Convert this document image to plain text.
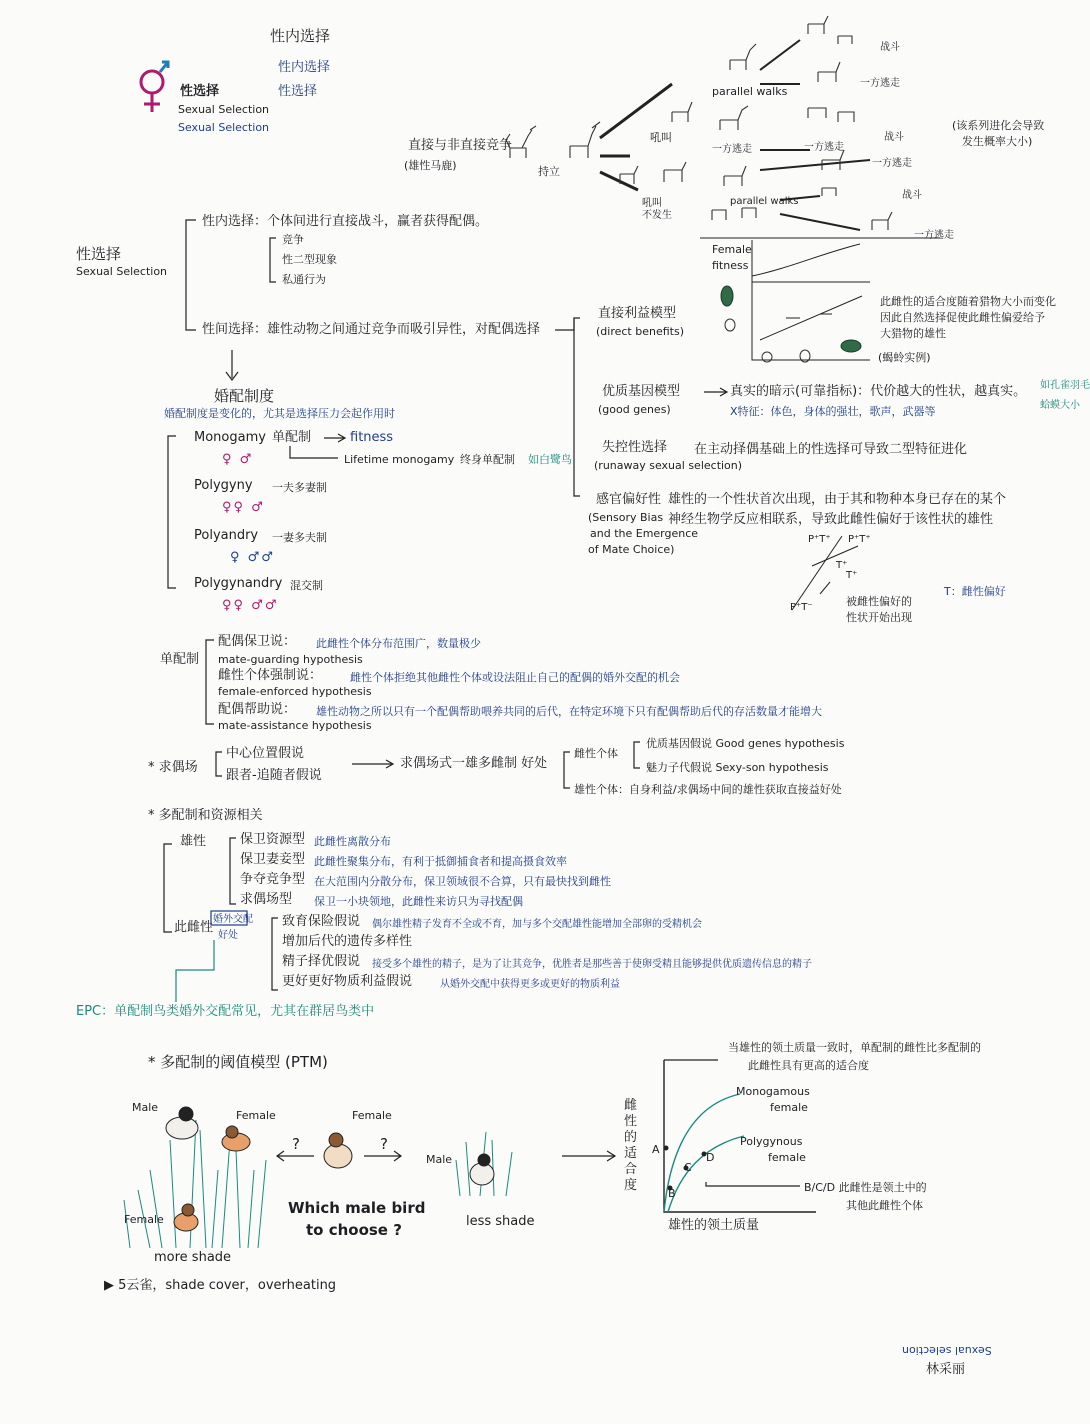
性内选择
性内选择
性选择
性选择
Sexual Selection
Sexual Selection
直接与非直接竞争
(雄性马鹿)	持立
吼叫
吼叫
不发生
parallel walks
parallel walks
战斗
战斗
战斗
一方逃走
一方逃走
一方逃走
一方逃走
一方逃走
(该系列进化会导致
发生概率大小)
性选择
Sexual Selection
性内选择：个体间进行直接战斗，赢者获得配偶。
竞争
性二型现象
私通行为
性间选择：雄性动物之间通过竞争而吸引异性，对配偶选择
婚配制度
婚配制度是变化的，尤其是选择压力会起作用时
Monogamy 单配制	fitness
♀ ♂	Lifetime monogamy 终身单配制 如白鹭鸟
Polygyny 一夫多妻制
♀♀ ♂
Polyandry 一妻多夫制
♀ ♂♂
Polygynandry 混交制
♀♀ ♂♂
直接利益模型
(direct benefits)
优质基因模型
(good genes)
真实的暗示(可靠指标)：代价越大的性状，越真实。
X特征：体色，身体的强壮，歌声，武器等
如孔雀羽毛
蛤蟆大小
失控性选择
(runaway sexual selection)
在主动择偶基础上的性选择可导致二型特征进化
感官偏好性
(Sensory Bias
and the Emergence
of Mate Choice)
雄性的一个性状首次出现，由于其和物种本身已存在的某个
神经生物学反应相联系，导致此雌性偏好于该性状的雄性
P⁺T⁺ P⁺T⁺
T⁺
T⁺
P⁺T⁻	被雌性偏好的
性状开始出现
T：雌性偏好
Female
fitness
此雌性的适合度随着猎物大小而变化
因此自然选择促使此雌性偏爱给予
大猎物的雄性
(蝎蛉实例)
单配制
配偶保卫说： 此雌性个体分布范围广，数量极少
mate-guarding hypothesis
雌性个体强制说：	雌性个体拒绝其他雌性个体或设法阻止自己的配偶的婚外交配的机会
female-enforced hypothesis
配偶帮助说： 雄性动物之所以只有一个配偶帮助喂养共同的后代，在特定环境下只有配偶帮助后代的存活数量才能增大
mate-assistance hypothesis
* 求偶场
中心位置假说
跟者-追随者假说
求偶场式一雄多雌制 好处
雌性个体
优质基因假说 Good genes hypothesis
魅力子代假说 Sexy-son hypothesis
雄性个体：自身利益/求偶场中间的雄性获取直接益好处
* 多配制和资源相关
雄性	保卫资源型 此雌性离散分布
保卫妻妾型 此雌性聚集分布，有利于抵御捕食者和提高摄食效率
争夺竞争型 在大范围内分散分布，保卫领域很不合算，只有最快找到雌性
求偶场型 保卫一小块领地，此雌性来访只为寻找配偶
此雌性
婚外交配
好处
致育保险假说 偶尔雄性精子发育不全或不育，加与多个交配雄性能增加全部卵的受精机会
增加后代的遗传多样性
精子择优假说 接受多个雄性的精子，是为了让其竞争，优胜者是那些善于使卵受精且能够提供优质遗传信息的精子
更好更好物质利益假说	从婚外交配中获得更多或更好的物质利益
EPC：单配制鸟类婚外交配常见，尤其在群居鸟类中
* 多配制的阈值模型 (PTM)
Male
Female	Female
Female
Male
?	?
Which male bird
to choose ?
more shade
less shade
▶ 5云雀，shade cover，overheating
当雄性的领土质量一致时，单配制的雌性比多配制的
此雌性具有更高的适合度
Monogamous
female
Polygynous
female
B/C/D 此雌性是领土中的
其他此雌性个体
雄性的领土质量
雌
性
的
适
合
度
A
B
C
D
Sexual selection
林采丽
